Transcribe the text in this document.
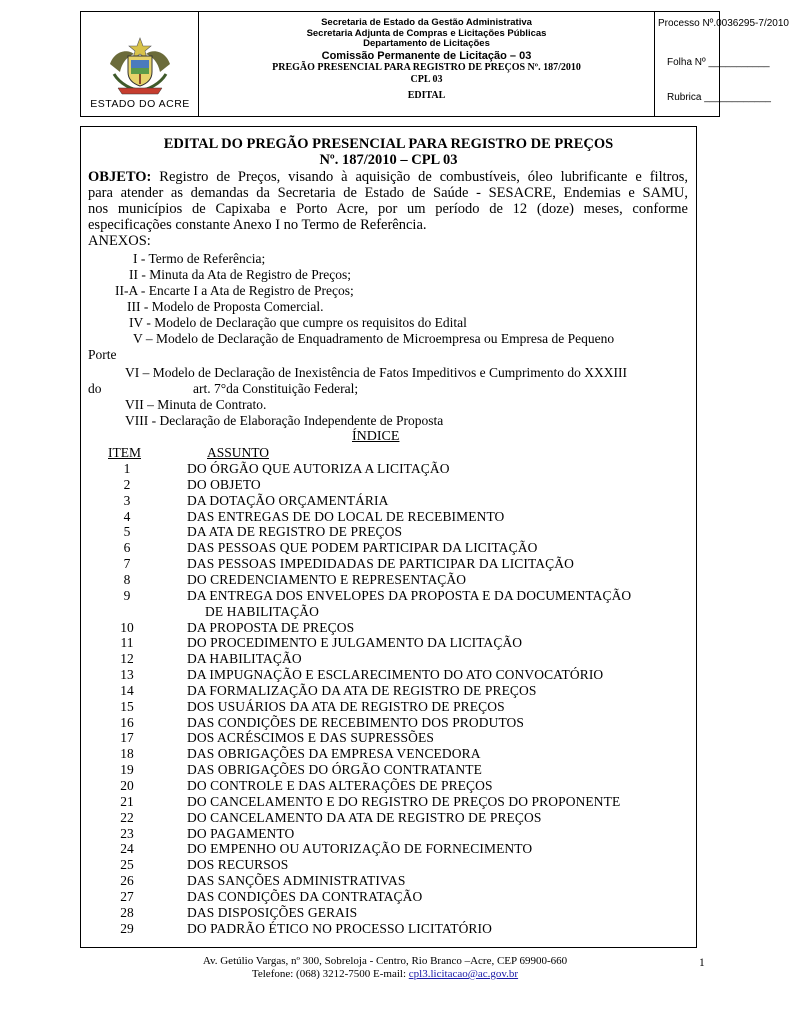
ESTADO DO ACRE
Secretaria de Estado da Gestão Administrativa
Secretaria Adjunta de Compras e Licitações Públicas
Departamento de Licitações
Comissão Permanente de Licitação – 03
PREGÃO PRESENCIAL PARA REGISTRO DE PREÇOS Nº. 187/2010
CPL 03
EDITAL
Processo Nº.0036295-7/2010
Folha Nº ___________
Rubrica ____________
EDITAL DO PREGÃO PRESENCIAL PARA REGISTRO DE PREÇOS
Nº. 187/2010 – CPL 03
OBJETO: Registro de Preços, visando à aquisição de combustíveis, óleo lubrificante e filtros,
para atender as demandas da Secretaria de Estado de Saúde - SESACRE, Endemias e SAMU,
nos municípios de Capixaba e Porto Acre, por um período de 12 (doze) meses, conforme
especificações constante Anexo I no Termo de Referência.
ANEXOS:
I - Termo de Referência;
II - Minuta da Ata de Registro de Preços;
II-A - Encarte I a Ata de Registro de Preços;
III - Modelo de Proposta Comercial.
IV - Modelo de Declaração que cumpre os requisitos do Edital
V – Modelo de Declaração de Enquadramento de Microempresa ou Empresa de Pequeno
Porte
VI – Modelo de Declaração de Inexistência de Fatos Impeditivos e Cumprimento do XXXIII
do	art. 7°da Constituição Federal;
VII – Minuta de Contrato.
VIII - Declaração de Elaboração Independente de Proposta
ÍNDICE
ITEM	ASSUNTO
1	DO ÓRGÃO QUE AUTORIZA A LICITAÇÃO
2	DO OBJETO
3	DA DOTAÇÃO ORÇAMENTÁRIA
4	DAS ENTREGAS DE DO LOCAL DE RECEBIMENTO
5	DA ATA DE REGISTRO DE PREÇOS
6	DAS PESSOAS QUE PODEM PARTICIPAR DA LICITAÇÃO
7	DAS PESSOAS IMPEDIDADAS DE PARTICIPAR DA LICITAÇÃO
8	DO CREDENCIAMENTO E REPRESENTAÇÃO
9	DA ENTREGA DOS ENVELOPES DA PROPOSTA E DA DOCUMENTAÇÃO
DE HABILITAÇÃO
10	DA PROPOSTA DE PREÇOS
11	DO PROCEDIMENTO E JULGAMENTO DA LICITAÇÃO
12	DA HABILITAÇÃO
13	DA IMPUGNAÇÃO E ESCLARECIMENTO DO ATO CONVOCATÓRIO
14	DA FORMALIZAÇÃO DA ATA DE REGISTRO DE PREÇOS
15	DOS USUÁRIOS DA ATA DE REGISTRO DE PREÇOS
16	DAS CONDIÇÕES DE RECEBIMENTO DOS PRODUTOS
17	DOS ACRÉSCIMOS E DAS SUPRESSÕES
18	DAS OBRIGAÇÕES DA EMPRESA VENCEDORA
19	DAS OBRIGAÇÕES DO ÓRGÃO CONTRATANTE
20	DO CONTROLE E DAS ALTERAÇÕES DE PREÇOS
21	DO CANCELAMENTO E DO REGISTRO DE PREÇOS DO PROPONENTE
22	DO CANCELAMENTO DA ATA DE REGISTRO DE PREÇOS
23	DO PAGAMENTO
24	DO EMPENHO OU AUTORIZAÇÃO DE FORNECIMENTO
25	DOS RECURSOS
26	DAS SANÇÕES ADMINISTRATIVAS
27	DAS CONDIÇÕES DA CONTRATAÇÃO
28	DAS DISPOSIÇÕES GERAIS
29	DO PADRÃO ÉTICO NO PROCESSO LICITATÓRIO
Av. Getúlio Vargas, nº 300, Sobreloja - Centro, Rio Branco –Acre, CEP 69900-660
Telefone: (068) 3212-7500 E-mail: cpl3.licitacao@ac.gov.br
1
